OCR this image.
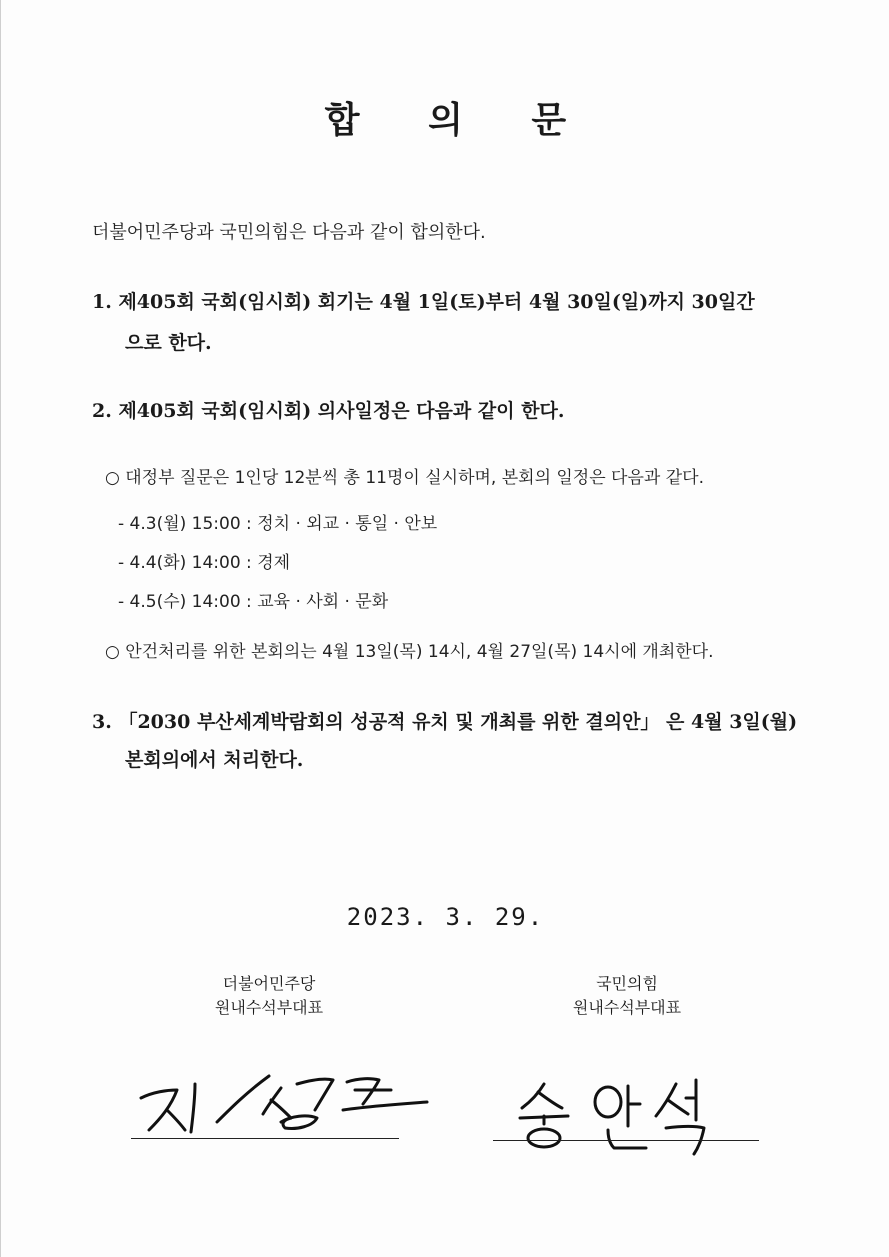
합 의 문
더불어민주당과 국민의힘은 다음과 같이 합의한다.
1. 제405회 국회(임시회) 회기는 4월 1일(토)부터 4월 30일(일)까지 30일간
으로 한다.
2. 제405회 국회(임시회) 의사일정은 다음과 같이 한다.
○ 대정부 질문은 1인당 12분씩 총 11명이 실시하며, 본회의 일정은 다음과 같다.
- 4.3(월) 15:00 : 정치 · 외교 · 통일 · 안보
- 4.4(화) 14:00 : 경제
- 4.5(수) 14:00 : 교육 · 사회 · 문화
○ 안건처리를 위한 본회의는 4월 13일(목) 14시, 4월 27일(목) 14시에 개최한다.
3. 「2030 부산세계박람회의 성공적 유치 및 개최를 위한 결의안」 은 4월 3일(월)
본회의에서 처리한다.
2023. 3. 29.
더불어민주당
원내수석부대표
국민의힘
원내수석부대표
